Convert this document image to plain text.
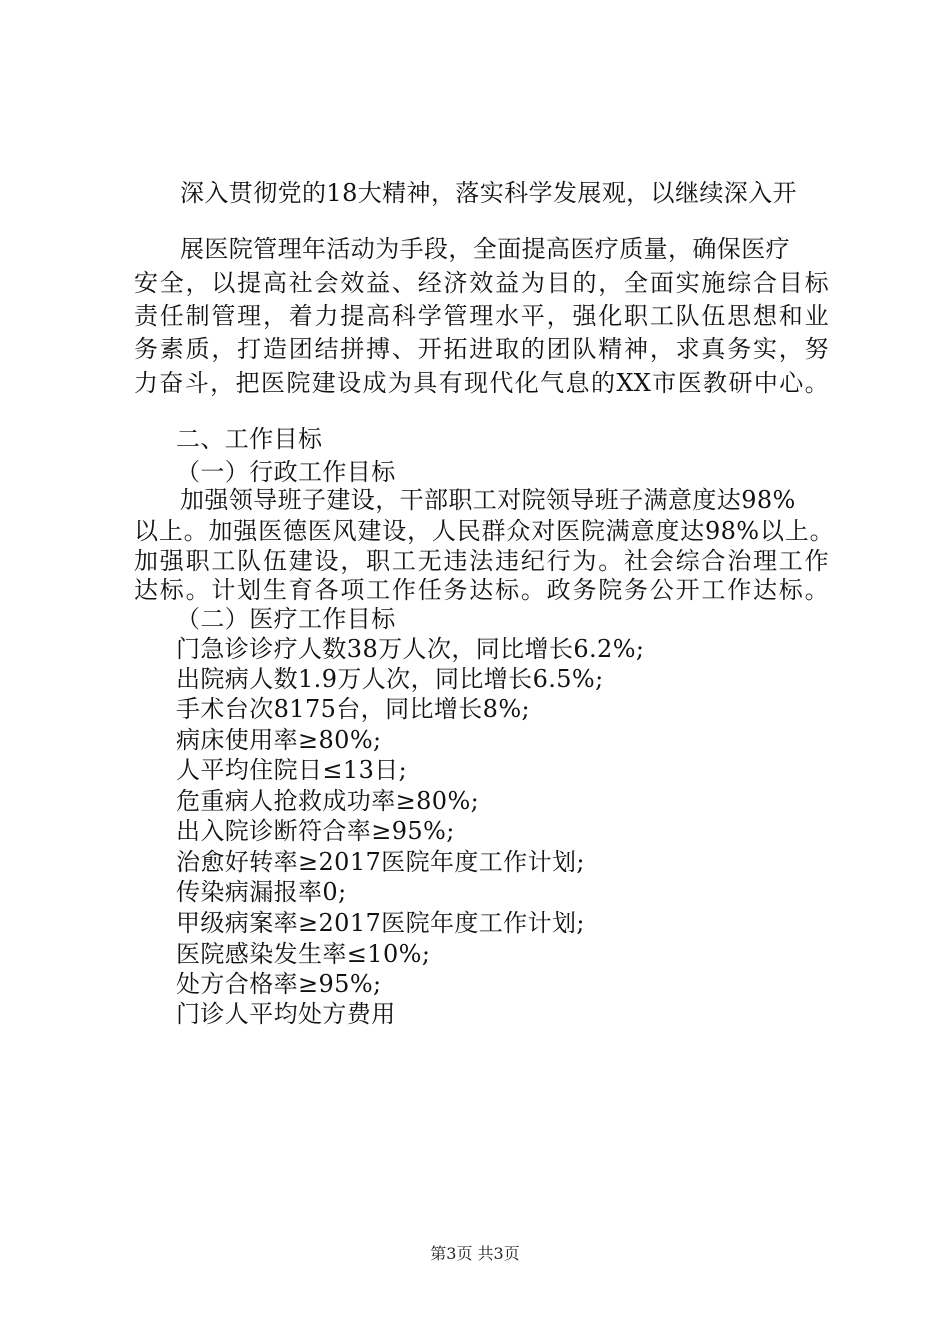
深入贯彻党的18大精神，落实科学发展观，以继续深入开
展医院管理年活动为手段，全面提高医疗质量，确保医疗
安全，以提高社会效益、经济效益为目的，全面实施综合目标
责任制管理，着力提高科学管理水平，强化职工队伍思想和业
务素质，打造团结拼搏、开拓进取的团队精神，求真务实，努
力奋斗，把医院建设成为具有现代化气息的XX市医教研中心。
二、工作目标
（一）行政工作目标
加强领导班子建设，干部职工对院领导班子满意度达98%
以上。加强医德医风建设，人民群众对医院满意度达98%以上。
加强职工队伍建设，职工无违法违纪行为。社会综合治理工作
达标。计划生育各项工作任务达标。政务院务公开工作达标。
（二）医疗工作目标
门急诊诊疗人数38万人次，同比增长6.2%;
出院病人数1.9万人次，同比增长6.5%;
手术台次8175台，同比增长8%;
病床使用率≥80%;
人平均住院日≤13日;
危重病人抢救成功率≥80%;
出入院诊断符合率≥95%;
治愈好转率≥2017医院年度工作计划;
传染病漏报率0;
甲级病案率≥2017医院年度工作计划;
医院感染发生率≤10%;
处方合格率≥95%;
门诊人平均处方费用
第3页 共3页
